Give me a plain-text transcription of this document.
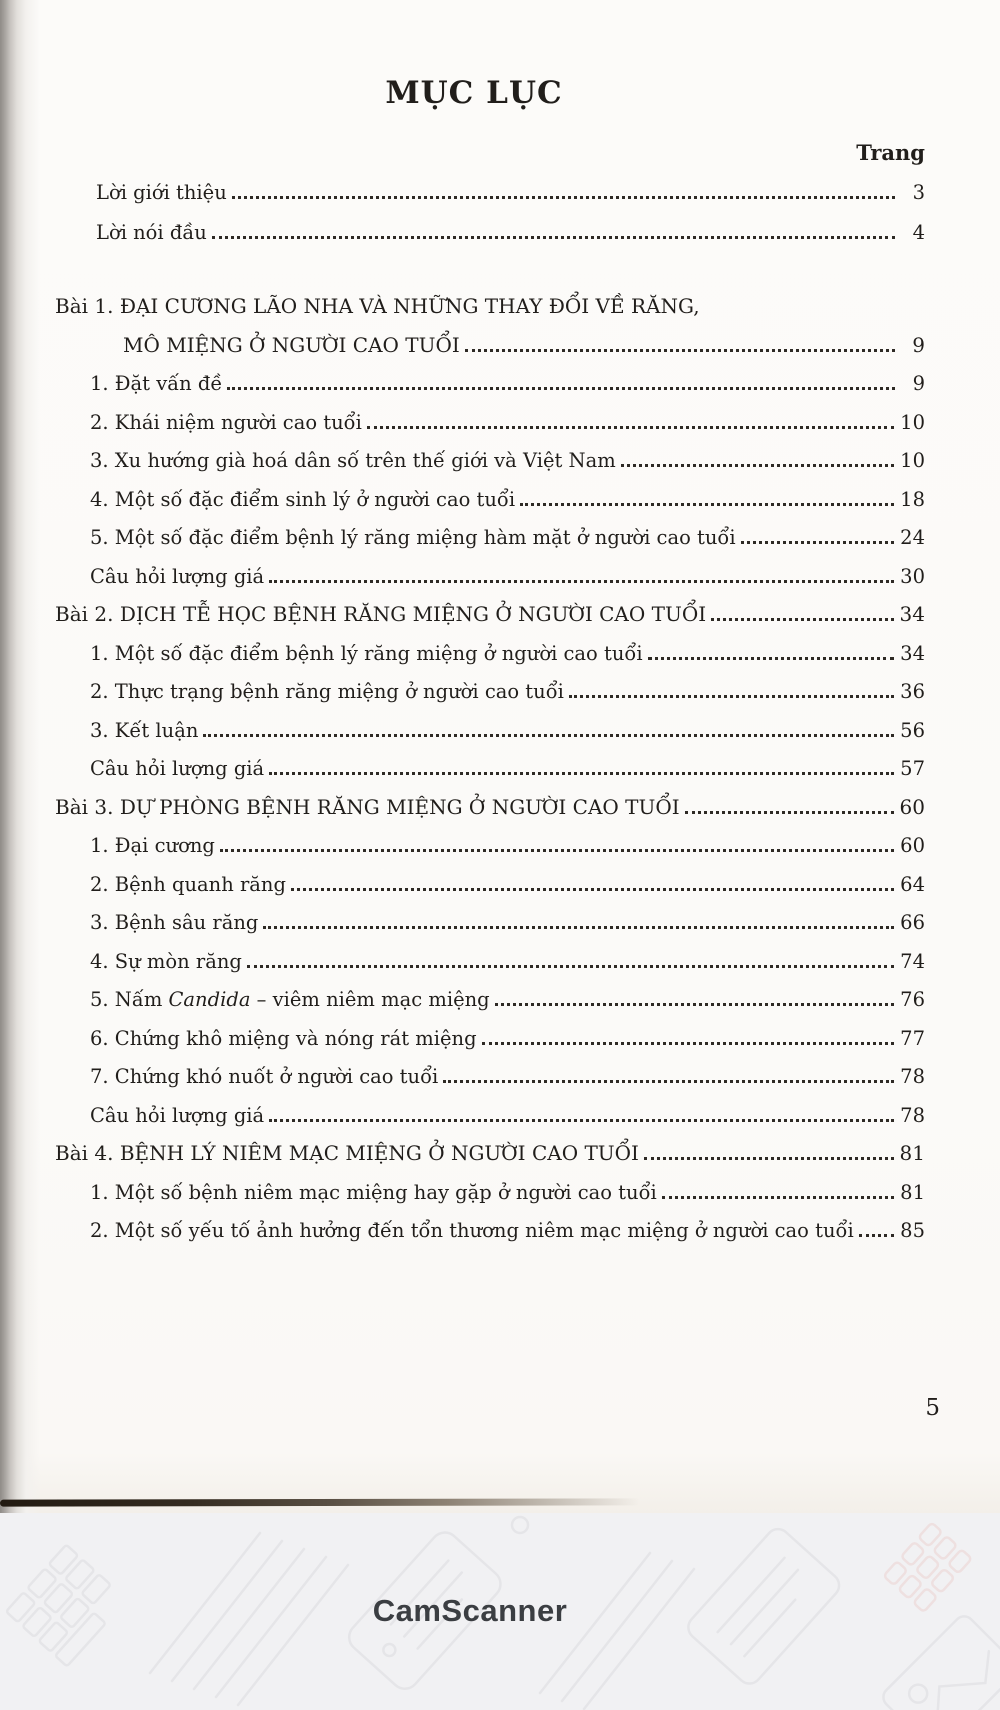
MỤC LỤC
Trang
Lời giới thiệu	3
Lời nói đầu	4
Bài 1. ĐẠI CƯƠNG LÃO NHA VÀ NHỮNG THAY ĐỔI VỀ RĂNG,
MÔ MIỆNG Ở NGƯỜI CAO TUỔI	9
1. Đặt vấn đề	9
2. Khái niệm người cao tuổi	10
3. Xu hướng già hoá dân số trên thế giới và Việt Nam	10
4. Một số đặc điểm sinh lý ở người cao tuổi	18
5. Một số đặc điểm bệnh lý răng miệng hàm mặt ở người cao tuổi	24
Câu hỏi lượng giá	30
Bài 2. DỊCH TỄ HỌC BỆNH RĂNG MIỆNG Ở NGƯỜI CAO TUỔI	34
1. Một số đặc điểm bệnh lý răng miệng ở người cao tuổi	34
2. Thực trạng bệnh răng miệng ở người cao tuổi	36
3. Kết luận	56
Câu hỏi lượng giá	57
Bài 3. DỰ PHÒNG BỆNH RĂNG MIỆNG Ở NGƯỜI CAO TUỔI	60
1. Đại cương	60
2. Bệnh quanh răng	64
3. Bệnh sâu răng	66
4. Sự mòn răng	74
5. Nấm Candida – viêm niêm mạc miệng	76
6. Chứng khô miệng và nóng rát miệng	77
7. Chứng khó nuốt ở người cao tuổi	78
Câu hỏi lượng giá	78
Bài 4. BỆNH LÝ NIÊM MẠC MIỆNG Ở NGƯỜI CAO TUỔI	81
1. Một số bệnh niêm mạc miệng hay gặp ở người cao tuổi	81
2. Một số yếu tố ảnh hưởng đến tổn thương niêm mạc miệng ở người cao tuổi 85
5
CamScanner
